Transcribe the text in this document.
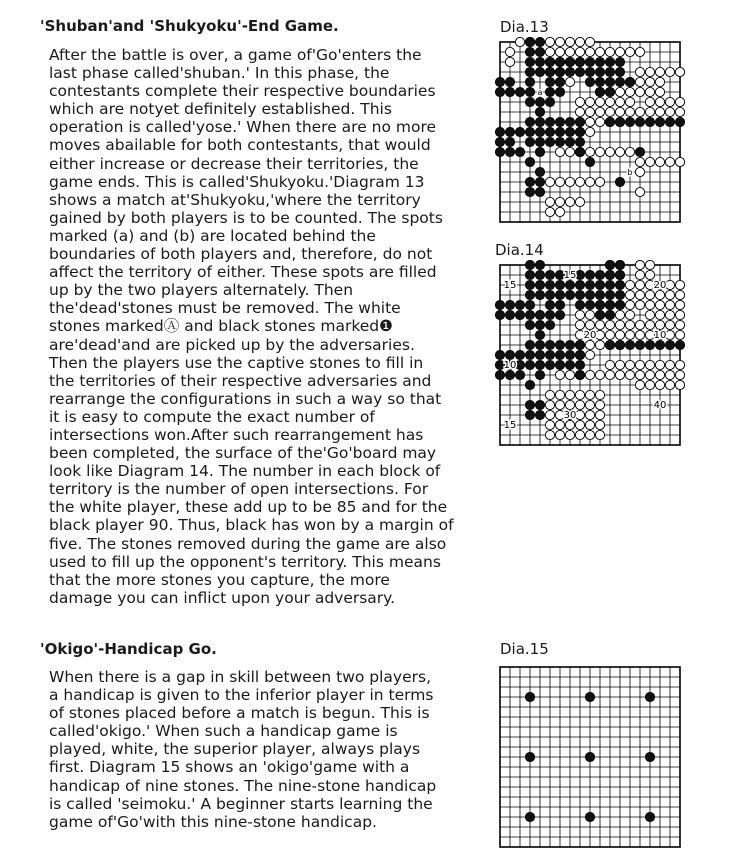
'Shuban'and 'Shukyoku'-End Game.
After the battle is over, a game of'Go'enters the
last phase called'shuban.' In this phase, the
contestants complete their respective boundaries
which are notyet definitely established. This
operation is called'yose.' When there are no more
moves abailable for both contestants, that would
either increase or decrease their territories, the
game ends. This is called'Shukyoku.'Diagram 13
shows a match at'Shukyoku,'where the territory
gained by both players is to be counted. The spots
marked (a) and (b) are located behind the
boundaries of both players and, therefore, do not
affect the territory of either. These spots are filled
up by the two players alternately. Then
the'dead'stones must be removed. The white
stones markedⒶ and black stones marked❶
are'dead'and are picked up by the adversaries.
Then the players use the captive stones to fill in
the territories of their respective adversaries and
rearrange the configurations in such a way so that
it is easy to compute the exact number of
intersections won.After such rearrangement has
been completed, the surface of the'Go'board may
look like Diagram 14. The number in each block of
territory is the number of open intersections. For
the white player, these add up to be 85 and for the
black player 90. Thus, black has won by a margin of
five. The stones removed during the game are also
used to fill up the opponent's territory. This means
that the more stones you capture, the more
damage you can inflict upon your adversary.
'Okigo'-Handicap Go.
When there is a gap in skill between two players,
a handicap is given to the inferior player in terms
of stones placed before a match is begun. This is
called'okigo.' When such a handicap game is
played, white, the superior player, always plays
first. Diagram 15 shows an 'okigo'game with a
handicap of nine stones. The nine-stone handicap
is called 'seimoku.' A beginner starts learning the
game of'Go'with this nine-stone handicap.
Dia.13
a
b
Dia.14
15
15	20
20	10
10
30
40
15
Dia.15
